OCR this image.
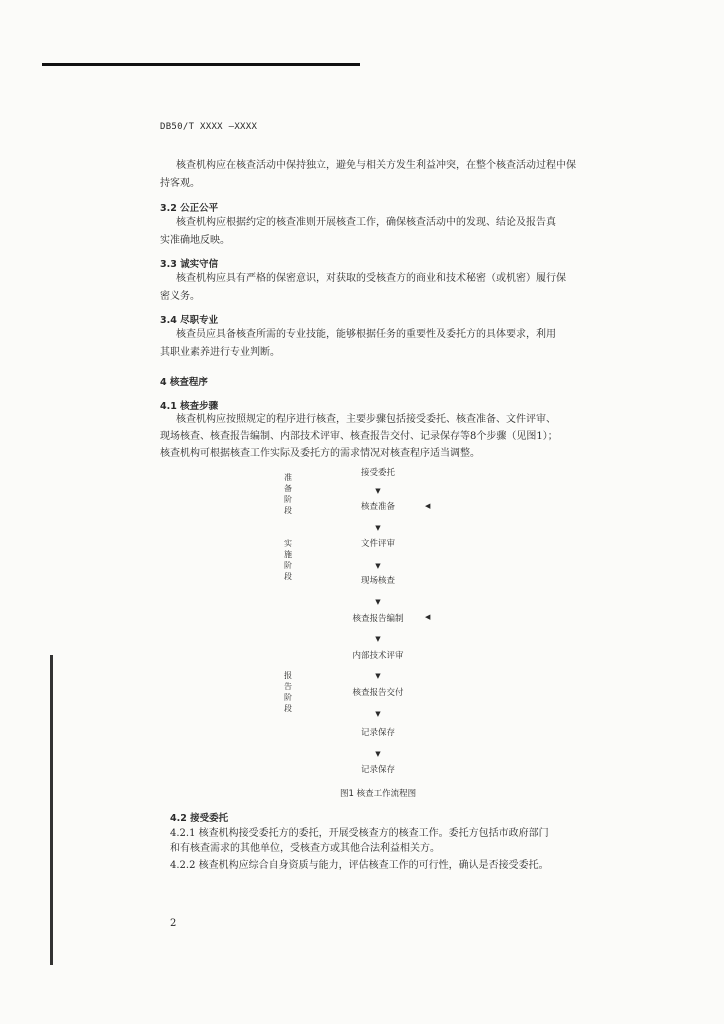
DB50/T XXXX —XXXX
核查机构应在核查活动中保持独立，避免与相关方发生利益冲突，在整个核查活动过程中保
持客观。
3.2 公正公平
核查机构应根据约定的核查准则开展核查工作，确保核查活动中的发现、结论及报告真
实准确地反映。
3.3 诚实守信
核查机构应具有严格的保密意识，对获取的受核查方的商业和技术秘密（或机密）履行保
密义务。
3.4 尽职专业
核查员应具备核查所需的专业技能，能够根据任务的重要性及委托方的具体要求，利用
其职业素养进行专业判断。
4 核查程序
4.1 核查步骤
核查机构应按照规定的程序进行核查，主要步骤包括接受委托、核查准备、文件评审、
现场核查、核查报告编制、内部技术评审、核查报告交付、记录保存等8个步骤（见图1）；
核查机构可根据核查工作实际及委托方的需求情况对核查程序适当调整。
准备阶段
实施阶段
报告阶段
接受委托
▼
核查准备	◀
▼
文件评审
▼
现场核查
▼
核查报告编制	◀
▼
内部技术评审
▼
核查报告交付
▼
记录保存
▼
记录保存
图1 核查工作流程图
4.2 接受委托
4.2.1 核查机构接受委托方的委托，开展受核查方的核查工作。委托方包括市政府部门
和有核查需求的其他单位，受核查方或其他合法利益相关方。
4.2.2 核查机构应综合自身资质与能力，评估核查工作的可行性，确认是否接受委托。
2
